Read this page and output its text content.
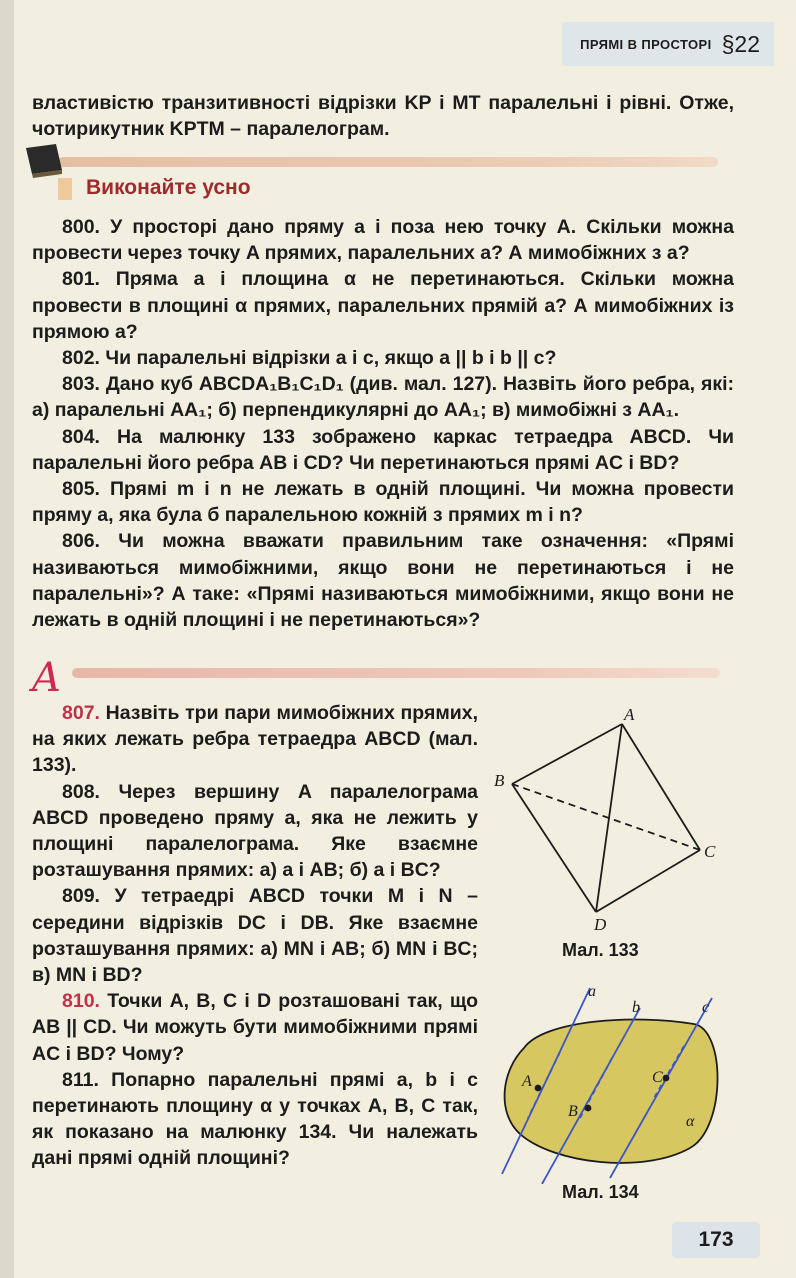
ПРЯМІ В ПРОСТОРІ §22

властивістю транзитивності відрізки KP і MT паралельні і рівні. Отже, чотирикутник KPTM – паралелограм.

Виконайте усно

800. У просторі дано пряму a і поза нею точку A. Скільки можна провести через точку A прямих, паралельних a? А мимобіжних з a?

801. Пряма a і площина α не перетинаються. Скільки можна провести в площині α прямих, паралельних прямій a? А мимобіжних із прямою a?

802. Чи паралельні відрізки a і c, якщо a || b і b || c?

803. Дано куб ABCDA₁B₁C₁D₁ (див. мал. 127). Назвіть його ребра, які: а) паралельні AA₁; б) перпендикулярні до AA₁; в) мимобіжні з AA₁.

804. На малюнку 133 зображено каркас тетраедра ABCD. Чи паралельні його ребра AB і CD? Чи перетинаються прямі AC і BD?

805. Прямі m і n не лежать в одній площині. Чи можна провести пряму a, яка була б паралельною кожній з прямих m і n?

806. Чи можна вважати правильним таке означення: «Прямі називаються мимобіжними, якщо вони не перетинаються і не паралельні»? А таке: «Прямі називаються мимобіжними, якщо вони не лежать в одній площині і не перетинаються»?

A

807. Назвіть три пари мимобіжних прямих, на яких лежать ребра тетраедра ABCD (мал. 133).

808. Через вершину A паралелограма ABCD проведено пряму a, яка не лежить у площині паралелограма. Яке взаємне розташування прямих: а) a і AB; б) a і BC?

809. У тетраедрі ABCD точки M і N – середини відрізків DC і DB. Яке взаємне розташування прямих: а) MN і AB; б) MN і BC; в) MN і BD?

810. Точки A, B, C і D розташовані так, що AB || CD. Чи можуть бути мимобіжними прямі AC і BD? Чому?

811. Попарно паралельні прямі a, b і c перетинають площину α у точках A, B, C так, як показано на малюнку 134. Чи належать дані прямі одній площині?

A
B
C
D
Мал. 133
a
b	c
A
B
C
α
Мал. 134
173
